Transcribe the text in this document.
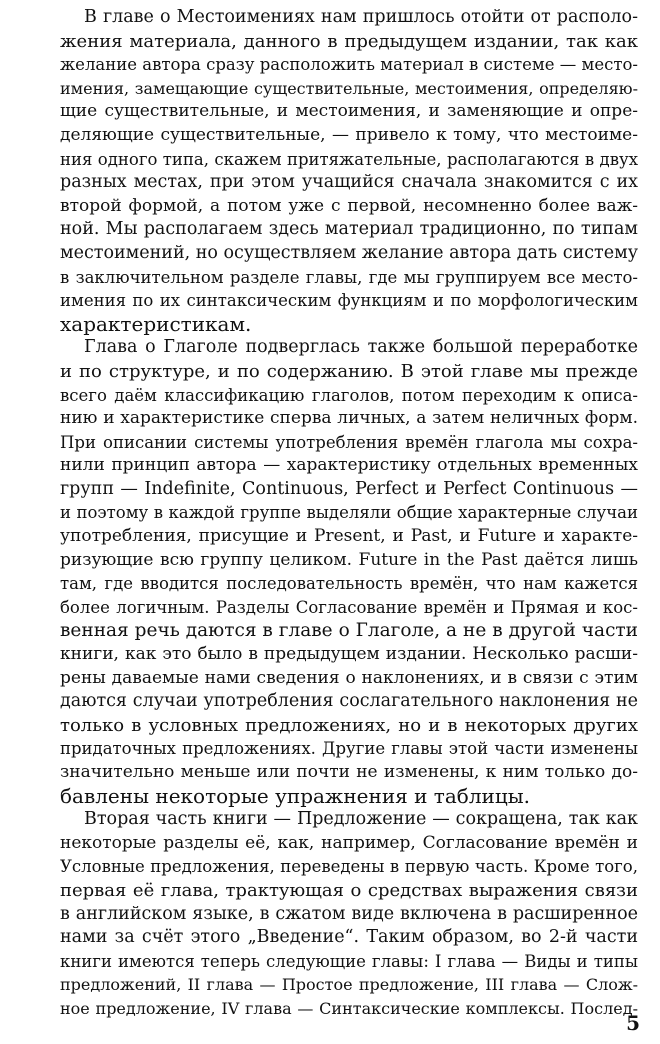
В главе о Местоимениях нам пришлось отойти от располо-
жения материала, данного в предыдущем издании, так как
желание автора сразу расположить материал в системе — место-
имения, замещающие существительные, местоимения, определяю-
щие существительные, и местоимения, и заменяющие и опре-
деляющие существительные, — привело к тому, что местоиме-
ния одного типа, скажем притяжательные, располагаются в двух
разных местах, при этом учащийся сначала знакомится с их
второй формой, а потом уже с первой, несомненно более важ-
ной. Мы располагаем здесь материал традиционно, по типам
местоимений, но осуществляем желание автора дать систему
в заключительном разделе главы, где мы группируем все место-
имения по их синтаксическим функциям и по морфологическим
характеристикам.
Глава о Глаголе подверглась также большой переработке
и по структуре, и по содержанию. В этой главе мы прежде
всего даём классификацию глаголов, потом переходим к описа-
нию и характеристике сперва личных, а затем неличных форм.
При описании системы употребления времён глагола мы сохра-
нили принцип автора — характеристику отдельных временных
групп — Indefinite, Continuous, Perfect и Perfect Continuous —
и поэтому в каждой группе выделяли общие характерные случаи
употребления, присущие и Present, и Past, и Future и характе-
ризующие всю группу целиком. Future in the Past даётся лишь
там, где вводится последовательность времён, что нам кажется
более логичным. Разделы Согласование времён и Прямая и кос-
венная речь даются в главе о Глаголе, а не в другой части
книги, как это было в предыдущем издании. Несколько расши-
рены даваемые нами сведения о наклонениях, и в связи с этим
даются случаи употребления сослагательного наклонения не
только в условных предложениях, но и в некоторых других
придаточных предложениях. Другие главы этой части изменены
значительно меньше или почти не изменены, к ним только до-
бавлены некоторые упражнения и таблицы.
Вторая часть книги — Предложение — сокращена, так как
некоторые разделы её, как, например, Согласование времён и
Условные предложения, переведены в первую часть. Кроме того,
первая её глава, трактующая о средствах выражения связи
в английском языке, в сжатом виде включена в расширенное
нами за счёт этого „Введение“. Таким образом, во 2-й части
книги имеются теперь следующие главы: I глава — Виды и типы
предложений, II глава — Простое предложение, III глава — Слож-
ное предложение, IV глава — Синтаксические комплексы. Послед-
5
